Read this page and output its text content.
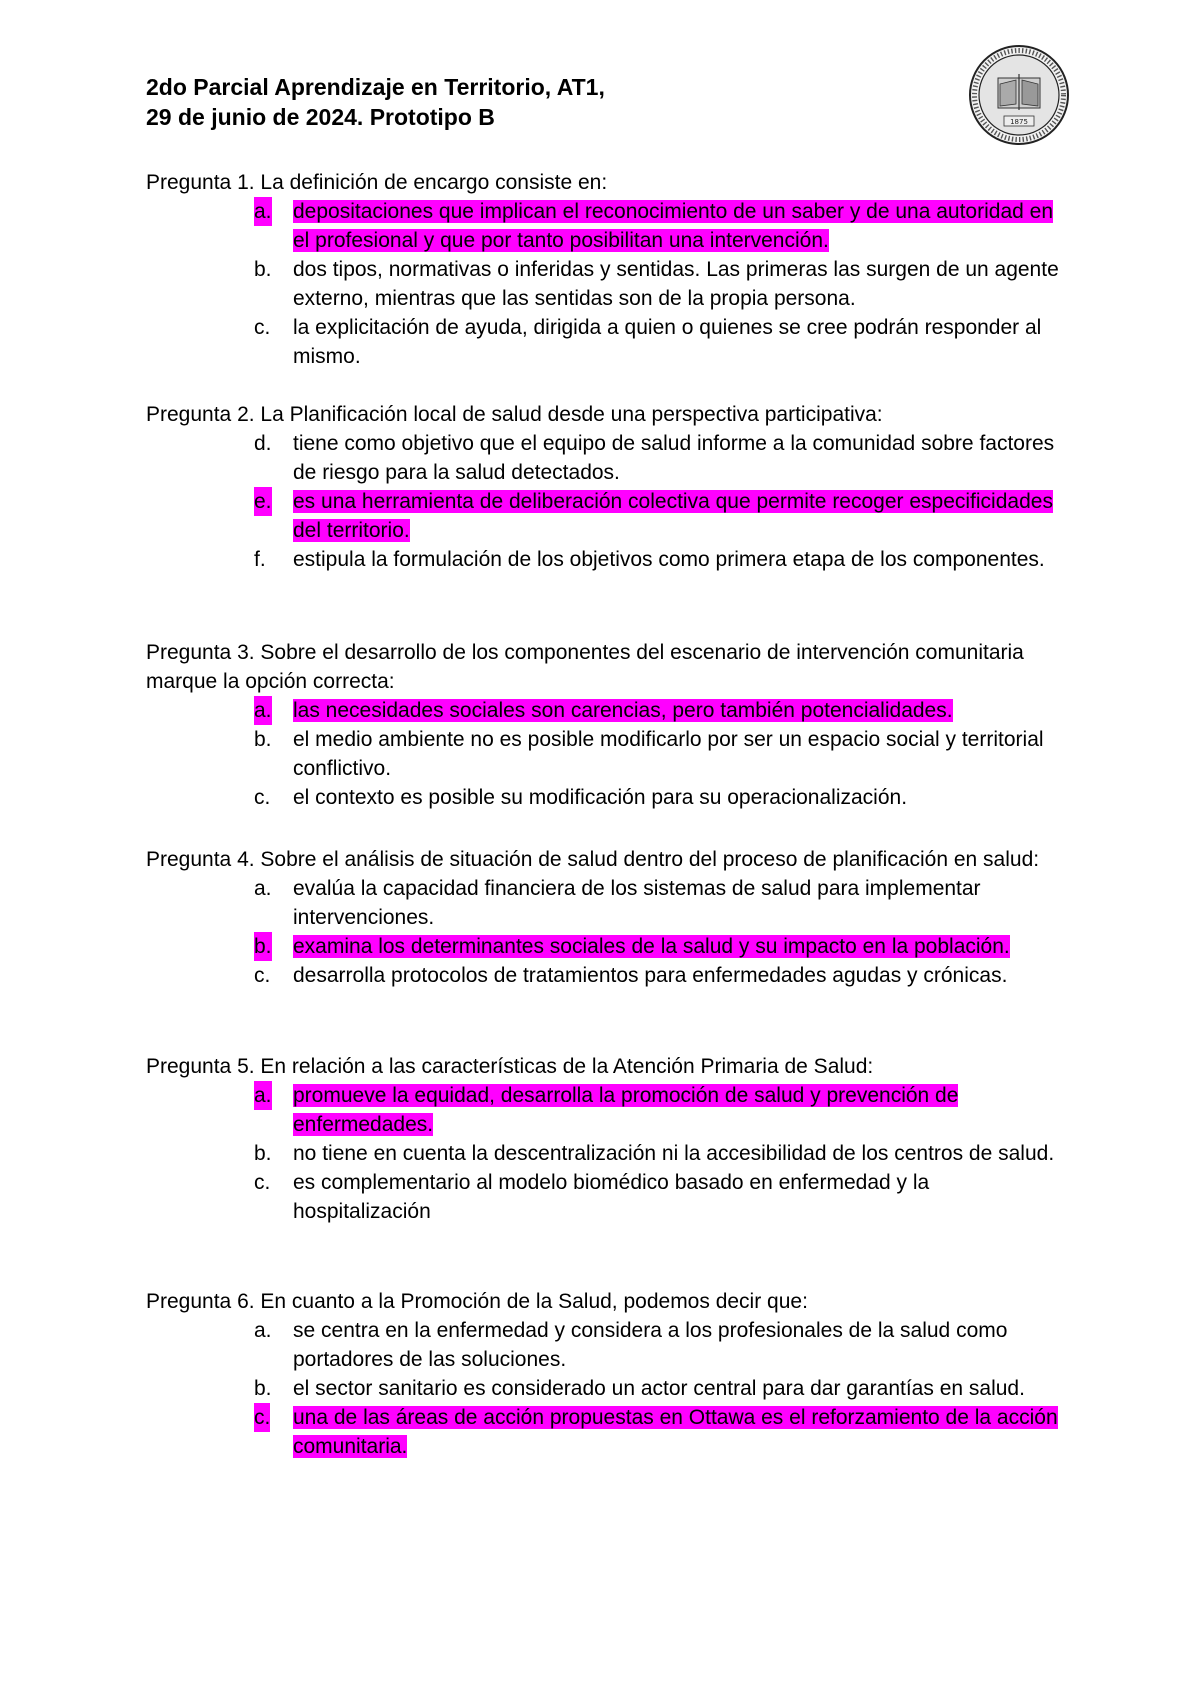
2do Parcial Aprendizaje en Territorio, AT1,
29 de junio de 2024. Prototipo B	1875

Pregunta 1. La definición de encargo consiste en:

a. depositaciones que implican el reconocimiento de un saber y de una autoridad en el profesional y que por tanto posibilitan una intervención.
b. dos tipos, normativas o inferidas y sentidas. Las primeras las surgen de un agente externo, mientras que las sentidas son de la propia persona.
c. la explicitación de ayuda, dirigida a quien o quienes se cree podrán responder al mismo.

Pregunta 2. La Planificación local de salud desde una perspectiva participativa:

d. tiene como objetivo que el equipo de salud informe a la comunidad sobre factores de riesgo para la salud detectados.
e. es una herramienta de deliberación colectiva que permite recoger especificidades del territorio.
f. estipula la formulación de los objetivos como primera etapa de los componentes.

Pregunta 3. Sobre el desarrollo de los componentes del escenario de intervención comunitaria marque la opción correcta:

a. las necesidades sociales son carencias, pero también potencialidades.
b. el medio ambiente no es posible modificarlo por ser un espacio social y territorial conflictivo.
c. el contexto es posible su modificación para su operacionalización.

Pregunta 4. Sobre el análisis de situación de salud dentro del proceso de planificación en salud:

a. evalúa la capacidad financiera de los sistemas de salud para implementar intervenciones.
b. examina los determinantes sociales de la salud y su impacto en la población.
c. desarrolla protocolos de tratamientos para enfermedades agudas y crónicas.

Pregunta 5. En relación a las características de la Atención Primaria de Salud:

a. promueve la equidad, desarrolla la promoción de salud y prevención de enfermedades.
b. no tiene en cuenta la descentralización ni la accesibilidad de los centros de salud.
c. es complementario al modelo biomédico basado en enfermedad y la hospitalización

Pregunta 6. En cuanto a la Promoción de la Salud, podemos decir que:

a. se centra en la enfermedad y considera a los profesionales de la salud como portadores de las soluciones.
b. el sector sanitario es considerado un actor central para dar garantías en salud.
c. una de las áreas de acción propuestas en Ottawa es el reforzamiento de la acción comunitaria.
